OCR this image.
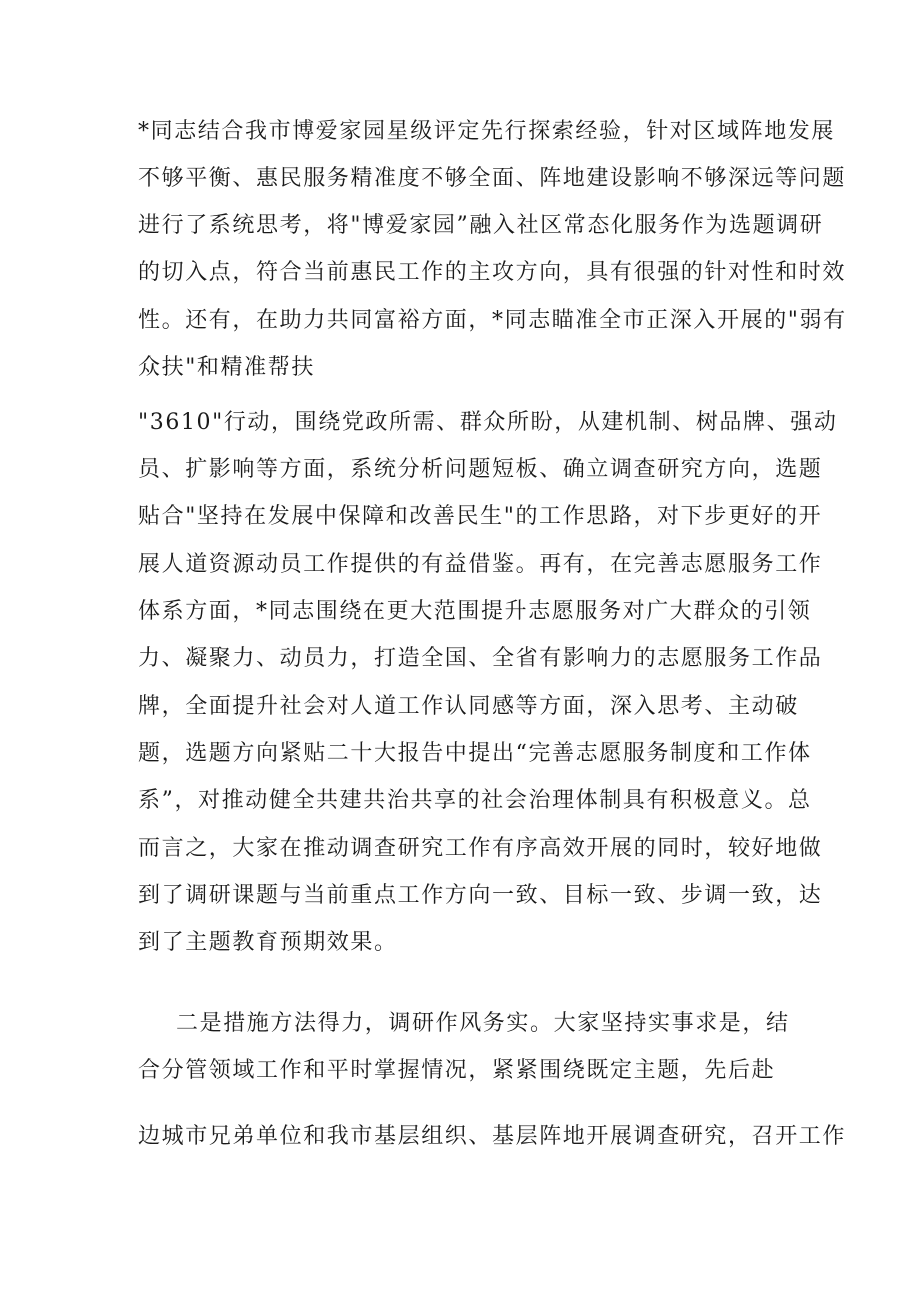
*同志结合我市博爱家园星级评定先行探索经验，针对区域阵地发展
不够平衡、惠民服务精准度不够全面、阵地建设影响不够深远等问题
进行了系统思考，将"博爱家园”融入社区常态化服务作为选题调研
的切入点，符合当前惠民工作的主攻方向，具有很强的针对性和时效
性。还有，在助力共同富裕方面，*同志瞄准全市正深入开展的"弱有
众扶"和精准帮扶
"3610"行动，围绕党政所需、群众所盼，从建机制、树品牌、强动
员、扩影响等方面，系统分析问题短板、确立调查研究方向，选题
贴合"坚持在发展中保障和改善民生"的工作思路，对下步更好的开
展人道资源动员工作提供的有益借鉴。再有，在完善志愿服务工作
体系方面，*同志围绕在更大范围提升志愿服务对广大群众的引领
力、凝聚力、动员力，打造全国、全省有影响力的志愿服务工作品
牌，全面提升社会对人道工作认同感等方面，深入思考、主动破
题，选题方向紧贴二十大报告中提出“完善志愿服务制度和工作体
系”，对推动健全共建共治共享的社会治理体制具有积极意义。总
而言之，大家在推动调查研究工作有序高效开展的同时，较好地做
到了调研课题与当前重点工作方向一致、目标一致、步调一致，达
到了主题教育预期效果。
二是措施方法得力，调研作风务实。大家坚持实事求是，结
合分管领域工作和平时掌握情况，紧紧围绕既定主题，先后赴
边城市兄弟单位和我市基层组织、基层阵地开展调查研究，召开工作
